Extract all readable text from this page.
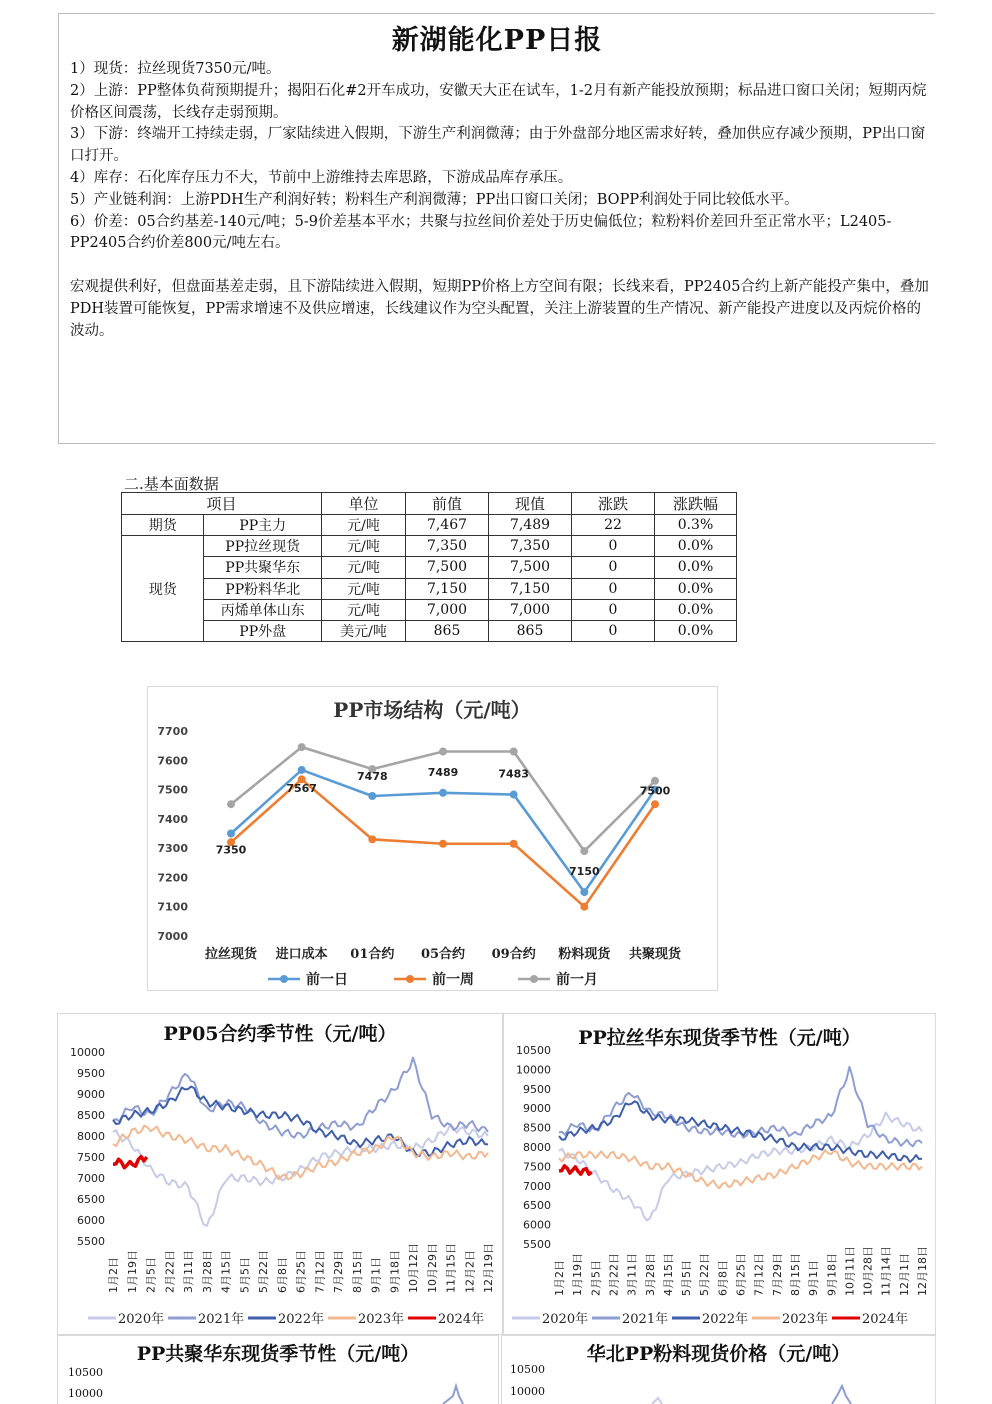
新湖能化PP日报

1）现货：拉丝现货7350元/吨。

2）上游：PP整体负荷预期提升；揭阳石化#2开车成功，安徽天大正在试车，1-2月有新产能投放预期；标品进口窗口关闭；短期丙烷价格区间震荡，长线存走弱预期。

3）下游：终端开工持续走弱，厂家陆续进入假期，下游生产利润微薄；由于外盘部分地区需求好转，叠加供应存减少预期，PP出口窗口打开。

4）库存：石化库存压力不大，节前中上游维持去库思路，下游成品库存承压。

5）产业链利润：上游PDH生产利润好转；粉料生产利润微薄；PP出口窗口关闭；BOPP利润处于同比较低水平。

6）价差：05合约基差-140元/吨；5-9价差基本平水；共聚与拉丝间价差处于历史偏低位；粒粉料价差回升至正常水平；L2405-PP2405合约价差800元/吨左右。

宏观提供利好，但盘面基差走弱，且下游陆续进入假期，短期PP价格上方空间有限；长线来看，PP2405合约上新产能投产集中，叠加PDH装置可能恢复，PP需求增速不及供应增速，长线建议作为空头配置，关注上游装置的生产情况、新产能投产进度以及丙烷价格的波动。

二.基本面数据
项目		单位	前值	现值	涨跌	涨跌幅
期货	PP主力	元/吨	7,467	7,489	22	0.3%
现货	PP拉丝现货	元/吨	7,350	7,350	0	0.0%
	PP共聚华东	元/吨	7,500	7,500	0	0.0%
	PP粉料华北	元/吨	7,150	7,150	0	0.0%
	丙烯单体山东	元/吨	7,000	7,000	0	0.0%
	PP外盘	美元/吨	865	865	0	0.0%
PP市场结构（元/吨）
7000
7100
7200
7300
7400
7500
7600
7700
拉丝现货 进口成本 01合约 05合约 09合约 粉料现货 共聚现货
7350
7567
7478	7489	7483
7150
7500
前一日	前一周	前一月
5500
6000
6500
7000
7500
8000
8500
9000
9500
10000
1月2日 1月19日 2月5日 2月22日 3月11日 3月28日 4月15日 5月5日 5月22日 6月8日 6月25日 7月12日 7月29日 8月15日 9月1日 9月18日 10月12日 10月29日 11月15日 12月2日 12月19日
2020年	2021年	2022年	2023年	2024年
PP05合约季节性（元/吨）
5500
6000
6500
7000
7500
8000
8500
9000
9500
10000
10500
1月2日 1月19日 2月5日 2月22日 3月11日 3月28日 4月15日 5月5日 5月22日 6月8日 6月25日 7月12日 7月29日 8月15日 9月1日 9月18日 10月11日 10月28日 11月14日 12月1日 12月18日
2020年	2021年	2022年	2023年	2024年
PP拉丝华东现货季节性（元/吨）
PP共聚华东现货季节性（元/吨）
10500
10000
华北PP粉料现货价格（元/吨）
10500
10000
